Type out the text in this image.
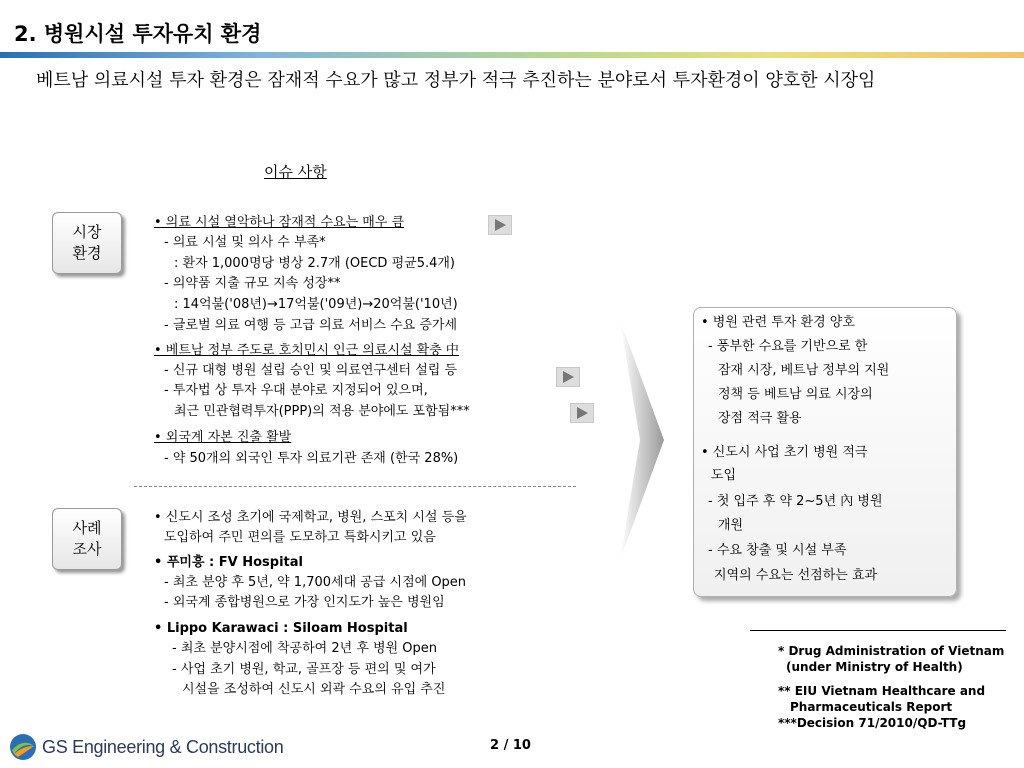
2. 병원시설 투자유치 환경
베트남 의료시설 투자 환경은 잠재적 수요가 많고 정부가 적극 추진하는 분야로서 투자환경이 양호한 시장임
이슈 사항
시장
환경
• 의료 시설 열악하나 잠재적 수요는 매우 큼
- 의료 시설 및 의사 수 부족*
: 환자 1,000명당 병상 2.7개 (OECD 평균5.4개)
- 의약품 지출 규모 지속 성장**
: 14억불('08년)→17억불('09년)→20억불('10년)
- 글로벌 의료 여행 등 고급 의료 서비스 수요 증가세
• 베트남 정부 주도로 호치민시 인근 의료시설 확충 中
- 신규 대형 병원 설립 승인 및 의료연구센터 설립 등
- 투자법 상 투자 우대 분야로 지정되어 있으며,
최근 민관협력투자(PPP)의 적용 분야에도 포함됨***
• 외국계 자본 진출 활발
- 약 50개의 외국인 투자 의료기관 존재 (한국 28%)
사례
조사
• 신도시 조성 초기에 국제학교, 병원, 스포치 시설 등을
도입하여 주민 편의를 도모하고 특화시키고 있음
• 푸미흥 : FV Hospital
- 최초 분양 후 5년, 약 1,700세대 공급 시점에 Open
- 외국계 종합병원으로 가장 인지도가 높은 병원임
• Lippo Karawaci : Siloam Hospital
- 최초 분양시점에 착공하여 2년 후 병원 Open
- 사업 초기 병원, 학교, 골프장 등 편의 및 여가
시설을 조성하여 신도시 외곽 수요의 유입 추진
• 병원 관련 투자 환경 양호
- 풍부한 수요를 기반으로 한
잠재 시장, 베트남 정부의 지원
정책 등 베트남 의료 시장의
장점 적극 활용
• 신도시 사업 초기 병원 적극
도입
- 첫 입주 후 약 2~5년 內 병원
개원
- 수요 창출 및 시설 부족
지역의 수요는 선점하는 효과
* Drug Administration of Vietnam
(under Ministry of Health)
** EIU Vietnam Healthcare and
Pharmaceuticals Report
***Decision 71/2010/QD-TTg
2 / 10
GS Engineering & Construction
